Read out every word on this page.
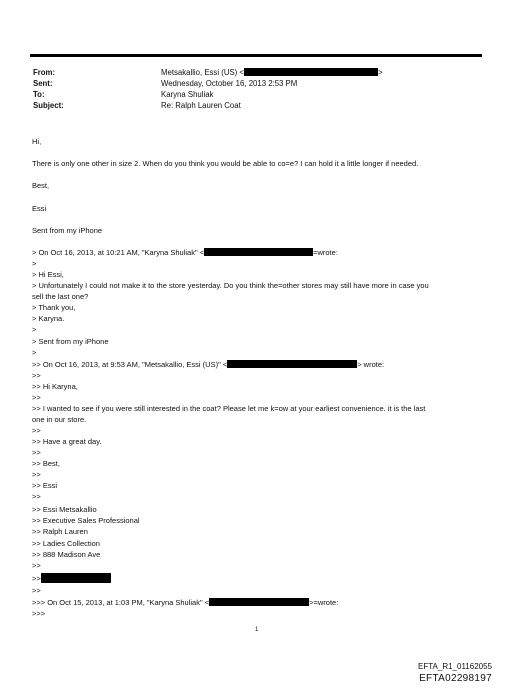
From:	Metsakallio, Essi (US) <	>
Sent:	Wednesday, October 16, 2013 2:53 PM
To:	Karyna Shuliak
Subject:	Re: Ralph Lauren Coat
Hi,
There is only one other in size 2. When do you think you would be able to co=e? I can hold it a little longer if needed.
Best,
Essi
Sent from my iPhone
> On Oct 16, 2013, at 10:21 AM, "Karyna Shuliak" <	=wrote:
>
> Hi Essi,
> Unfortunately I could not make it to the store yesterday. Do you think the=other stores may still have more in case you
sell the last one?
> Thank you,
> Karyna.
>
> Sent from my iPhone
>
>> On Oct 16, 2013, at 9:53 AM, "Metsakallio, Essi (US)" <	> wrote:
>>
>> Hi Karyna,
>>
>> I wanted to see if you were still interested in the coat? Please let me k=ow at your earliest convenience. it is the last
one in our store.
>>
>> Have a great day.
>>
>> Best,
>>
>> Essi
>>
>> Essi Metsakallio
>> Executive Sales Professional
>> Ralph Lauren
>> Ladies Collection
>> 888 Madison Ave
>>
>>
>>
>>> On Oct 15, 2013, at 1:03 PM, "Karyna Shuliak" <	>=wrote:
>>>
1
EFTA_R1_01162055
EFTA02298197
